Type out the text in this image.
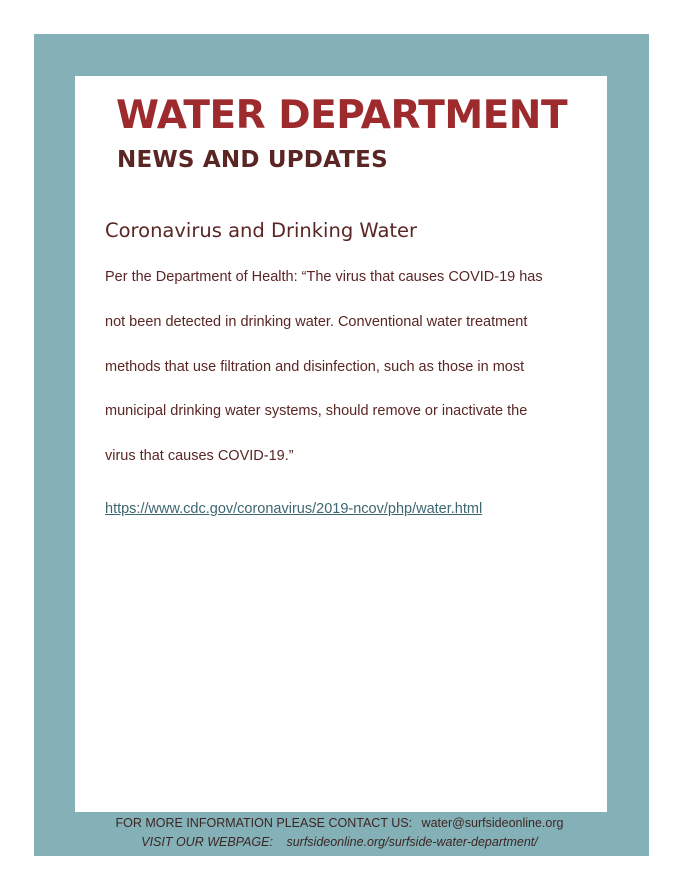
WATER DEPARTMENT
NEWS AND UPDATES
Coronavirus and Drinking Water

Per the Department of Health: “The virus that causes COVID-19 has
not been detected in drinking water. Conventional water treatment
methods that use filtration and disinfection, such as those in most
municipal drinking water systems, should remove or inactivate the
virus that causes COVID-19.”

https://www.cdc.gov/coronavirus/2019-ncov/php/water.html
FOR MORE INFORMATION PLEASE CONTACT US: water@surfsideonline.org
VISIT OUR WEBPAGE: surfsideonline.org/surfside-water-department/
